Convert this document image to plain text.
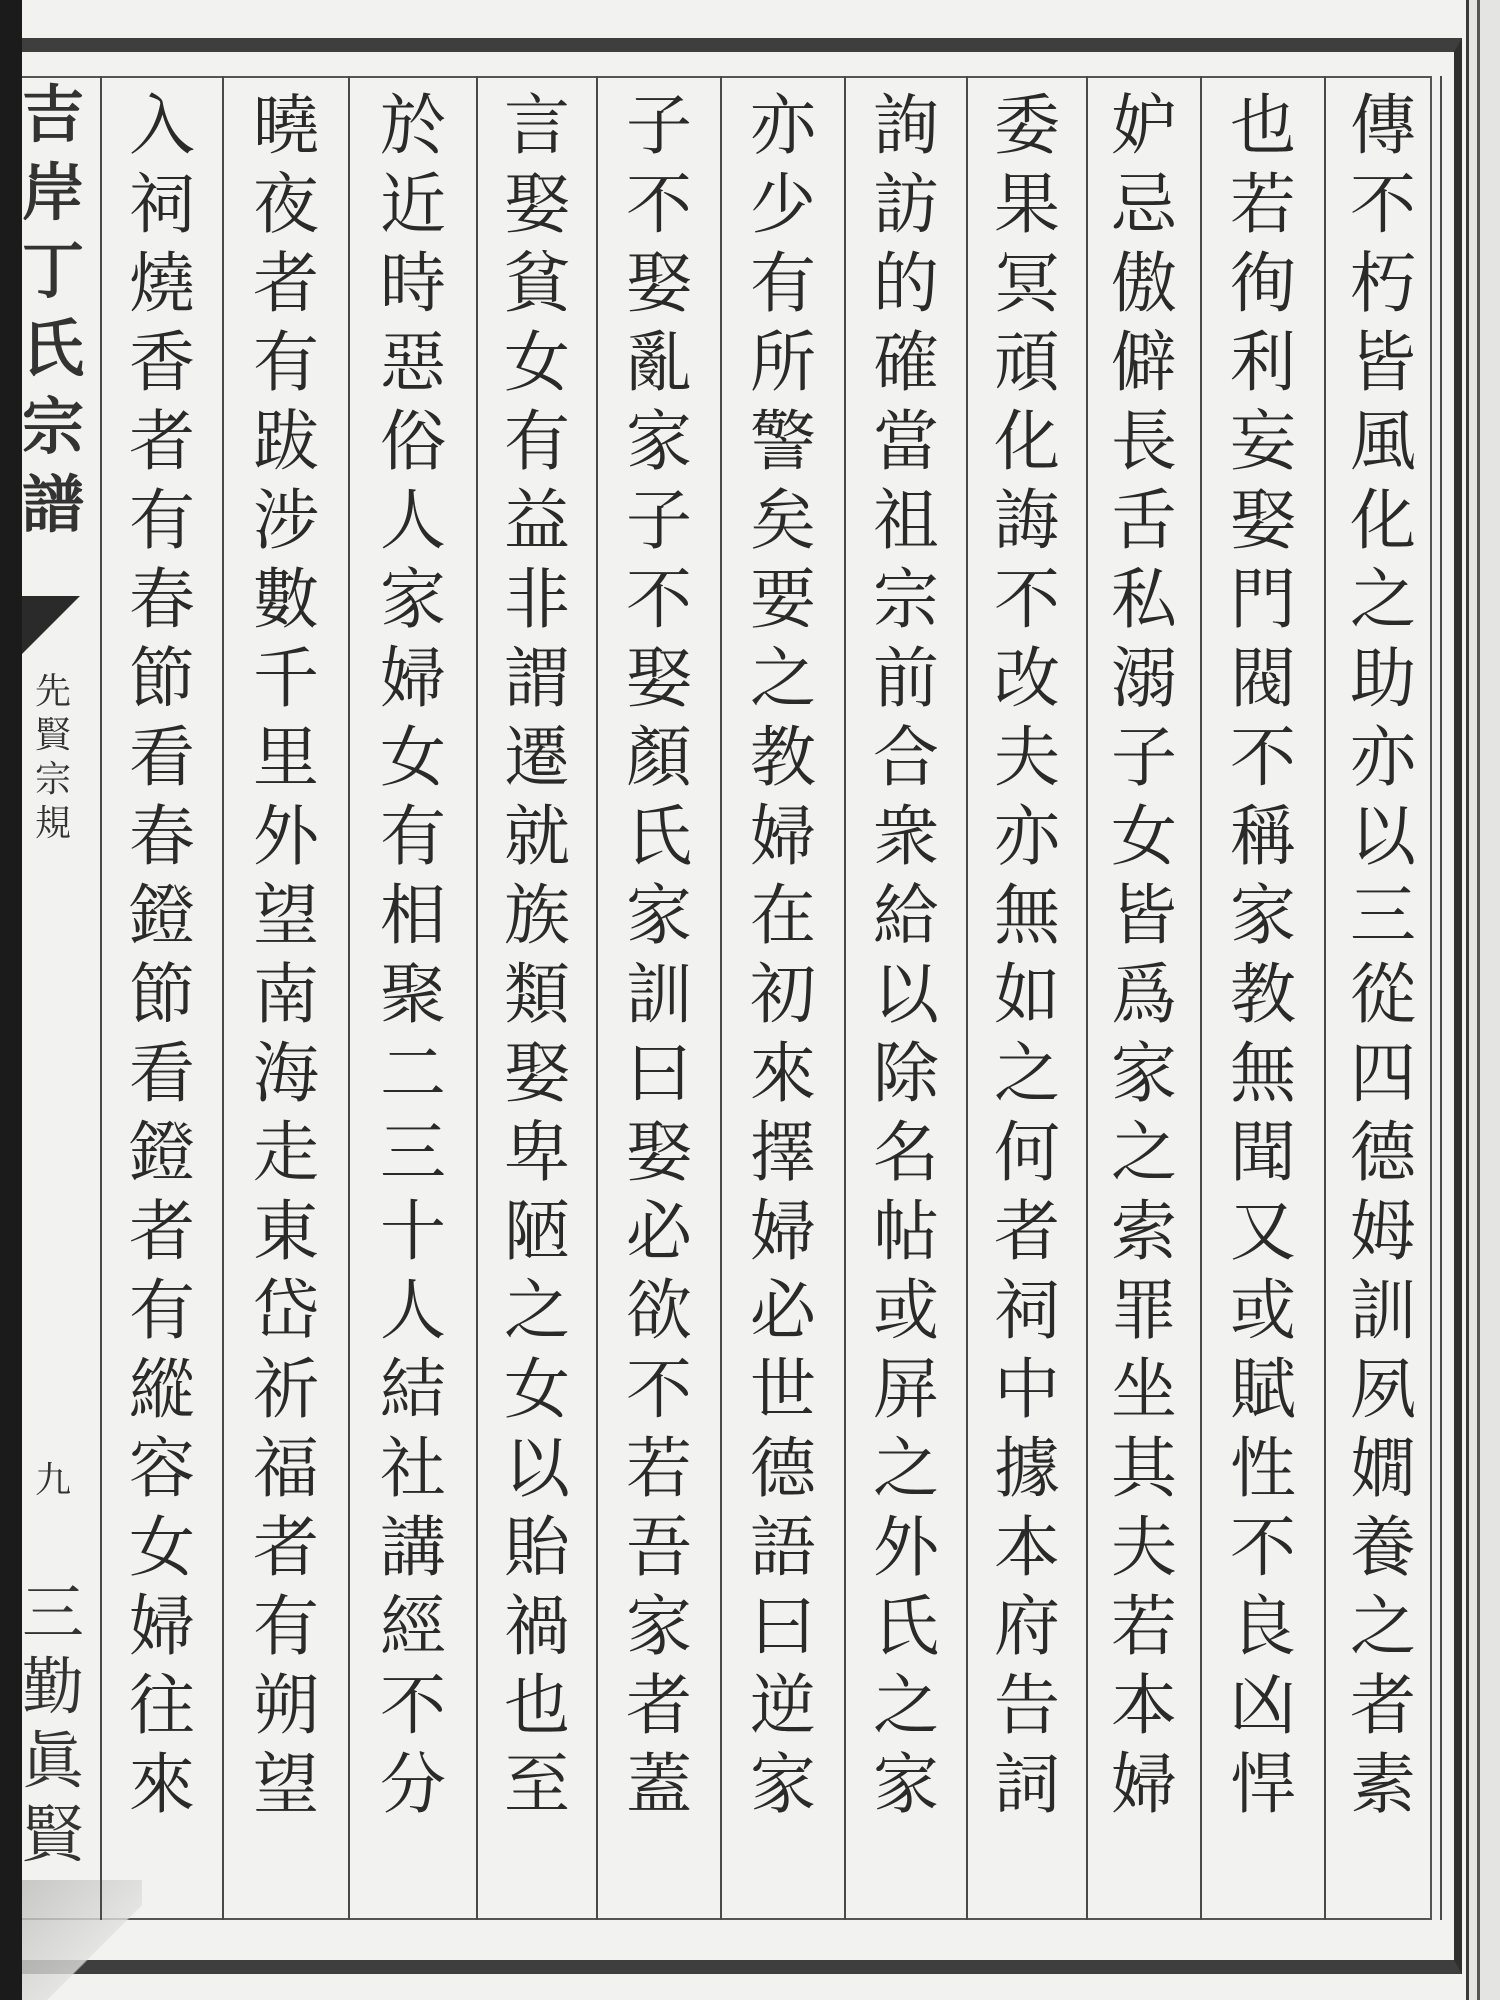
吉
岸
丁
氏
宗
譜
先
賢
宗
規
九
三
勤
眞
賢
傳
不
朽
皆
風
化
之
助
亦
以
三
從
四
德
姆
訓
夙
嫺
養
之
者
素
也
若
徇
利
妄
娶
門
閥
不
稱
家
教
無
聞
又
或
賦
性
不
良
凶
悍
妒
忌
傲
僻
長
舌
私
溺
子
女
皆
爲
家
之
索
罪
坐
其
夫
若
本
婦
委
果
冥
頑
化
誨
不
改
夫
亦
無
如
之
何
者
祠
中
據
本
府
告
詞
詢
訪
的
確
當
祖
宗
前
合
衆
給
以
除
名
帖
或
屏
之
外
氏
之
家
亦
少
有
所
警
矣
要
之
教
婦
在
初
來
擇
婦
必
世
德
語
曰
逆
家
子
不
娶
亂
家
子
不
娶
顏
氏
家
訓
曰
娶
必
欲
不
若
吾
家
者
蓋
言
娶
貧
女
有
益
非
謂
遷
就
族
類
娶
卑
陋
之
女
以
貽
禍
也
至
於
近
時
惡
俗
人
家
婦
女
有
相
聚
二
三
十
人
結
社
講
經
不
分
曉
夜
者
有
跋
涉
數
千
里
外
望
南
海
走
東
岱
祈
福
者
有
朔
望
入
祠
燒
香
者
有
春
節
看
春
鐙
節
看
鐙
者
有
縱
容
女
婦
往
來
